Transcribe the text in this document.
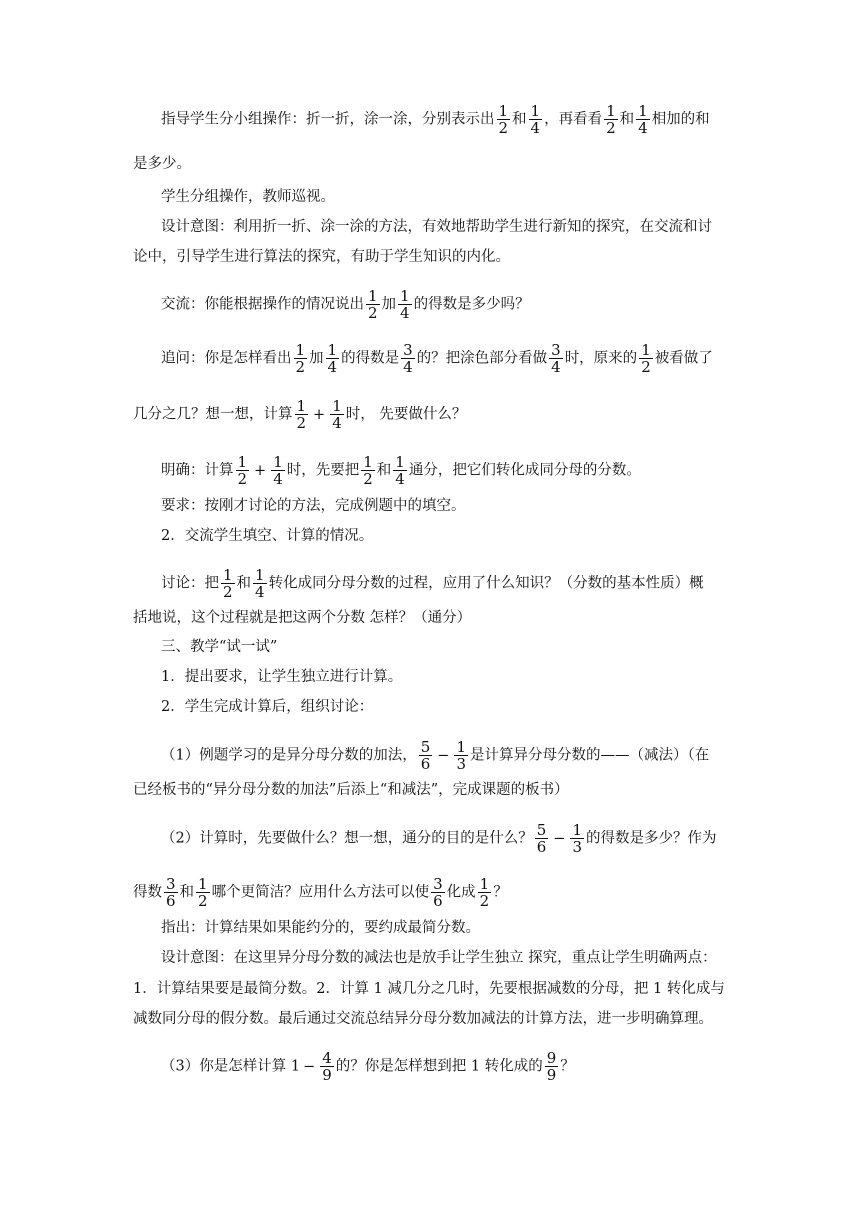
指导学生分小组操作：折一折，涂一涂，分别表示出 $\frac{1}{2}$ 和 $\frac{1}{4}$ ，再看看 $\frac{1}{2}$ 和 $\frac{1}{4}$ 相加的和
是多少。
学生分组操作，教师巡视。
设计意图：利用折一折、涂一涂的方法，有效地帮助学生进行新知的探究，在交流和讨
论中，引导学生进行算法的探究，有助于学生知识的内化。
交流：你能根据操作的情况说出 $\frac{1}{2}$ 加 $\frac{1}{4}$ 的得数是多少吗？
追问：你是怎样看出 $\frac{1}{2}$ 加 $\frac{1}{4}$ 的得数是 $\frac{3}{4}$ 的？把涂色部分看做 $\frac{3}{4}$ 时，原来的 $\frac{1}{2}$ 被看做了
几分之几？想一想，计算 $\frac{1}{2} + \frac{1}{4}$ 时， 先要做什么？
明确：计算 $\frac{1}{2} + \frac{1}{4}$ 时，先要把 $\frac{1}{2}$ 和 $\frac{1}{4}$ 通分，把它们转化成同分母的分数。
要求：按刚才讨论的方法，完成例题中的填空。
2．交流学生填空、计算的情况。
讨论：把 $\frac{1}{2}$ 和 $\frac{1}{4}$ 转化成同分母分数的过程，应用了什么知识？（分数的基本性质）概
括地说，这个过程就是把这两个分数 怎样？（通分）
三、教学“试一试”
1．提出要求，让学生独立进行计算。
2．学生完成计算后，组织讨论：
（1）例题学习的是异分母分数的加法， $\frac{5}{6} - \frac{1}{3}$ 是计算异分母分数的——（减法）（在
已经板书的“异分母分数的加法”后添上“和减法”，完成课题的板书）
（2）计算时，先要做什么？想一想，通分的目的是什么？ $\frac{5}{6} - \frac{1}{3}$ 的得数是多少？作为
得数 $\frac{3}{6}$ 和 $\frac{1}{2}$ 哪个更简洁？应用什么方法可以使 $\frac{3}{6}$ 化成 $\frac{1}{2}$ ？
指出：计算结果如果能约分的，要约成最简分数。
设计意图：在这里异分母分数的减法也是放手让学生独立 探究，重点让学生明确两点：
1．计算结果要是最简分数。2．计算 1 减几分之几时，先要根据减数的分母，把 1 转化成与
减数同分母的假分数。最后通过交流总结异分母分数加减法的计算方法，进一步明确算理。
（3）你是怎样计算 $1 - \frac{4}{9}$ 的？你是怎样想到把 1 转化成的 $\frac{9}{9}$ ？
